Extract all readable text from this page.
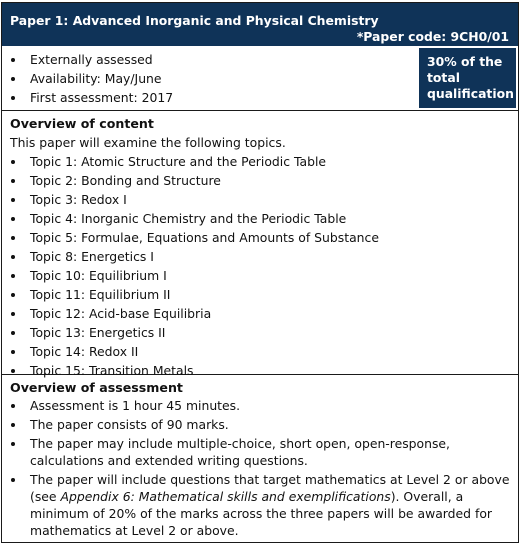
Paper 1: Advanced Inorganic and Physical Chemistry
*Paper code: 9CH0/01
Externally assessed
Availability: May/June
First assessment: 2017
30% of the
total
qualification
Overview of content

This paper will examine the following topics.

Topic 1: Atomic Structure and the Periodic Table
Topic 2: Bonding and Structure
Topic 3: Redox I
Topic 4: Inorganic Chemistry and the Periodic Table
Topic 5: Formulae, Equations and Amounts of Substance
Topic 8: Energetics I
Topic 10: Equilibrium I
Topic 11: Equilibrium II
Topic 12: Acid-base Equilibria
Topic 13: Energetics II
Topic 14: Redox II
Topic 15: Transition Metals
Overview of assessment
Assessment is 1 hour 45 minutes.
The paper consists of 90 marks.
The paper may include multiple-choice, short open, open-response, calculations and extended writing questions.
The paper will include questions that target mathematics at Level 2 or above (see Appendix 6: Mathematical skills and exemplifications). Overall, a minimum of 20% of the marks across the three papers will be awarded for mathematics at Level 2 or above.
